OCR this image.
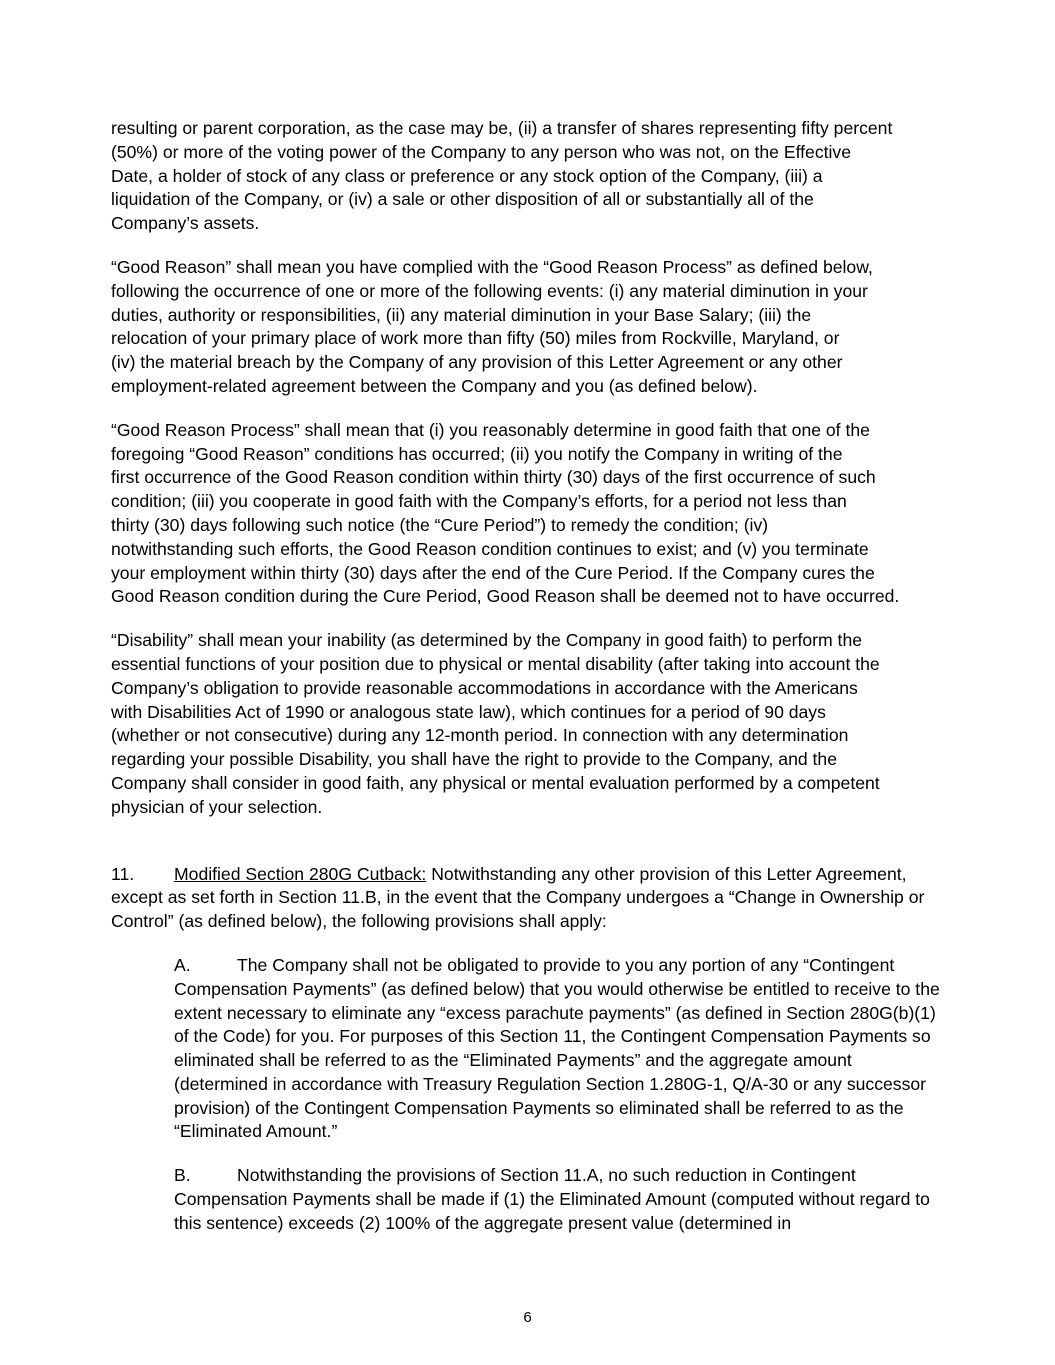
resulting or parent corporation, as the case may be, (ii) a transfer of shares representing fifty percent
(50%) or more of the voting power of the Company to any person who was not, on the Effective
Date, a holder of stock of any class or preference or any stock option of the Company, (iii) a
liquidation of the Company, or (iv) a sale or other disposition of all or substantially all of the
Company’s assets.

“Good Reason” shall mean you have complied with the “Good Reason Process” as defined below,
following the occurrence of one or more of the following events: (i) any material diminution in your
duties, authority or responsibilities, (ii) any material diminution in your Base Salary; (iii) the
relocation of your primary place of work more than fifty (50) miles from Rockville, Maryland, or
(iv) the material breach by the Company of any provision of this Letter Agreement or any other
employment-related agreement between the Company and you (as defined below).

“Good Reason Process” shall mean that (i) you reasonably determine in good faith that one of the
foregoing “Good Reason” conditions has occurred; (ii) you notify the Company in writing of the
first occurrence of the Good Reason condition within thirty (30) days of the first occurrence of such
condition; (iii) you cooperate in good faith with the Company’s efforts, for a period not less than
thirty (30) days following such notice (the “Cure Period”) to remedy the condition; (iv)
notwithstanding such efforts, the Good Reason condition continues to exist; and (v) you terminate
your employment within thirty (30) days after the end of the Cure Period. If the Company cures the
Good Reason condition during the Cure Period, Good Reason shall be deemed not to have occurred.

“Disability” shall mean your inability (as determined by the Company in good faith) to perform the
essential functions of your position due to physical or mental disability (after taking into account the
Company’s obligation to provide reasonable accommodations in accordance with the Americans
with Disabilities Act of 1990 or analogous state law), which continues for a period of 90 days
(whether or not consecutive) during any 12-month period. In connection with any determination
regarding your possible Disability, you shall have the right to provide to the Company, and the
Company shall consider in good faith, any physical or mental evaluation performed by a competent
physician of your selection.

11. Modified Section 280G Cutback: Notwithstanding any other provision of this Letter Agreement, except as set forth in Section 11.B, in the event that the Company undergoes a “Change in Ownership or Control” (as defined below), the following provisions shall apply:

A.	The Company shall not be obligated to provide to you any portion of any “Contingent Compensation Payments” (as defined below) that you would otherwise be entitled to receive to the extent necessary to eliminate any “excess parachute payments” (as defined in Section 280G(b)(1) of the Code) for you. For purposes of this Section 11, the Contingent Compensation Payments so eliminated shall be referred to as the “Eliminated Payments” and the aggregate amount (determined in accordance with Treasury Regulation Section 1.280G-1, Q/A-30 or any successor provision) of the Contingent Compensation Payments so eliminated shall be referred to as the “Eliminated Amount.”

B.	Notwithstanding the provisions of Section 11.A, no such reduction in Contingent Compensation Payments shall be made if (1) the Eliminated Amount (computed without regard to this sentence) exceeds (2) 100% of the aggregate present value (determined in

6
